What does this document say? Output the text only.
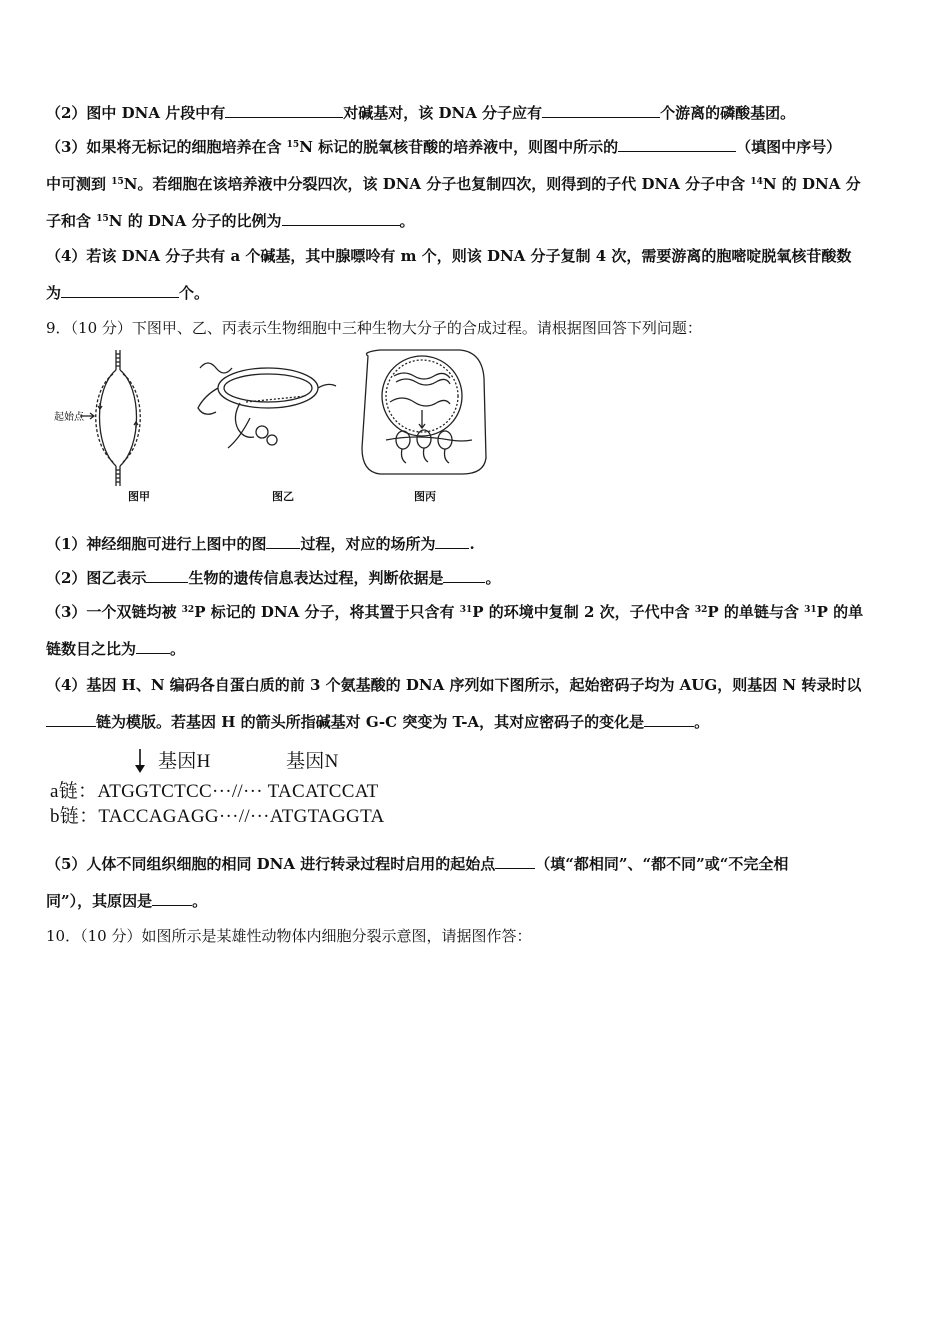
（2）图中 DNA 片段中有	对碱基对，该 DNA 分子应有	个游离的磷酸基团。
（3）如果将无标记的细胞培养在含 $^{15}$N 标记的脱氧核苷酸的培养液中，则图中所示的	（填图中序号）
中可测到 $^{15}$N。若细胞在该培养液中分裂四次，该 DNA 分子也复制四次，则得到的子代 DNA 分子中含 $^{14}$N 的 DNA 分
子和含 $^{15}$N 的 DNA 分子的比例为	。
（4）若该 DNA 分子共有 a 个碱基，其中腺嘌呤有 m 个，则该 DNA 分子复制 4 次，需要游离的胞嘧啶脱氧核苷酸数
为	个。
9．（10 分）下图甲、乙、丙表示生物细胞中三种生物大分子的合成过程。请根据图回答下列问题：
起始点
图甲	图乙	图丙
（1）神经细胞可进行上图中的图 过程，对应的场所为 .
（2）图乙表示	生物的遗传信息表达过程，判断依据是	。
（3）一个双链均被 $^{32}$P 标记的 DNA 分子，将其置于只含有 $^{31}$P 的环境中复制 2 次，子代中含 $^{32}$P 的单链与含 $^{31}$P 的单
链数目之比为 。
（4）基因 H、N 编码各自蛋白质的前 3 个氨基酸的 DNA 序列如下图所示，起始密码子均为 AUG，则基因 N 转录时以
链为模版。若基因 H 的箭头所指碱基对 G-C 突变为 T-A，其对应密码子的变化是	。
基因H	基因N
a链：ATGGTCTCC···//··· TACATCCAT
b链：TACCAGAGG···//···ATGTAGGTA
（5）人体不同组织细胞的相同 DNA 进行转录过程时启用的起始点	（填“都相同”、“都不同”或“不完全相
同”），其原因是	。
10．（10 分）如图所示是某雄性动物体内细胞分裂示意图，请据图作答：
